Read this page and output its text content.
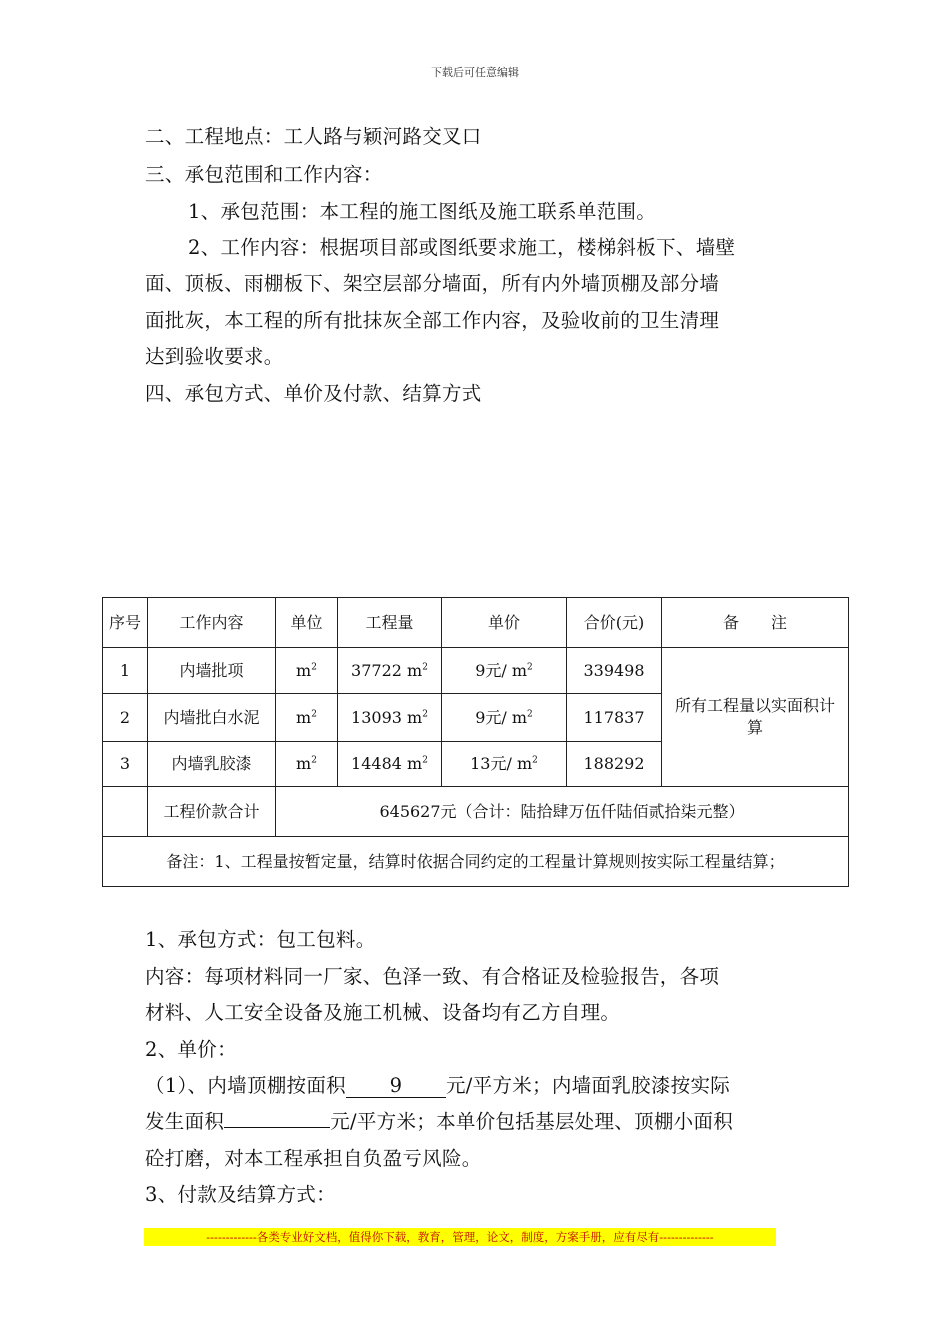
下载后可任意编辑
二、工程地点：工人路与颖河路交叉口
三、承包范围和工作内容：
1、承包范围：本工程的施工图纸及施工联系单范围。
2、工作内容：根据项目部或图纸要求施工，楼梯斜板下、墙壁
面、顶板、雨棚板下、架空层部分墙面，所有内外墙顶棚及部分墙
面批灰，本工程的所有批抹灰全部工作内容，及验收前的卫生清理
达到验收要求。
四、承包方式、单价及付款、结算方式
序号	工作内容	单位	工程量	单价	合价(元)	备　　注
1	内墙批项	$m^2$	37722 $m^2$	9元/ $m^2$	339498	所有工程量以实面积计算
2	内墙批白水泥	$m^2$	13093 $m^2$	9元/ $m^2$	117837	
3	内墙乳胶漆	$m^2$	14484 $m^2$	13元/ $m^2$	188292	
	工程价款合计	645627元（合计：陆拾肆万伍仟陆佰贰拾柒元整）				
备注：1、工程量按暂定量，结算时依据合同约定的工程量计算规则按实际工程量结算；						
1、承包方式：包工包料。
内容：每项材料同一厂家、色泽一致、有合格证及检验报告，各项
材料、人工安全设备及施工机械、设备均有乙方自理。
2、单价：
（1）、内墙顶棚按面积 9 元/平方米；内墙面乳胶漆按实际
发生面积	元/平方米；本单价包括基层处理、顶棚小面积
砼打磨，对本工程承担自负盈亏风险。
3、付款及结算方式：
-------------各类专业好文档，值得你下载，教育，管理，论文，制度，方案手册，应有尽有--------------
